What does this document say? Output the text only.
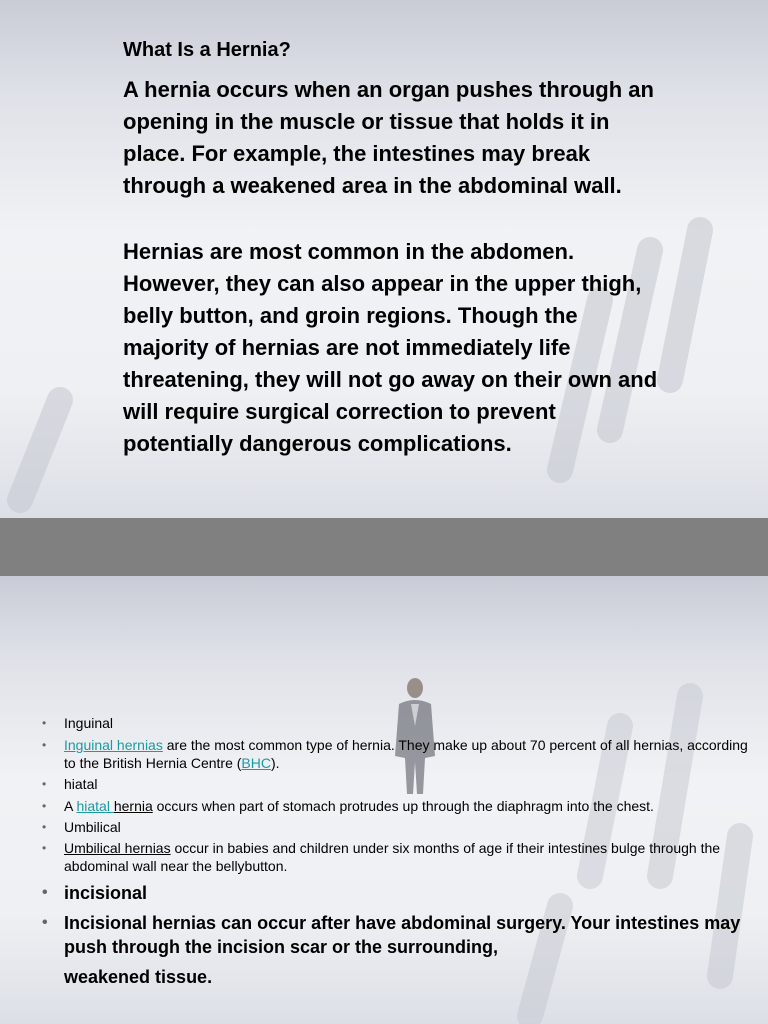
What Is a Hernia?
A hernia occurs when an organ pushes through an opening in the muscle or tissue that holds it in place. For example, the intestines may break through a weakened area in the abdominal wall.
Hernias are most common in the abdomen. However, they can also appear in the upper thigh, belly button, and groin regions. Though the majority of hernias are not immediately life threatening, they will not go away on their own and will require surgical correction to prevent potentially dangerous complications.
• Inguinal
• Inguinal hernias are the most common type of hernia. They make up about 70 percent of all hernias, according to the British Hernia Centre (BHC).
• hiatal
• A hiatal hernia occurs when part of stomach protrudes up through the diaphragm into the chest.
• Umbilical
• Umbilical hernias occur in babies and children under six months of age if their intestines bulge through the abdominal wall near the bellybutton.
• incisional
• Incisional hernias can occur after have abdominal surgery. Your intestines may push through the incision scar or the surrounding,
weakened tissue.
